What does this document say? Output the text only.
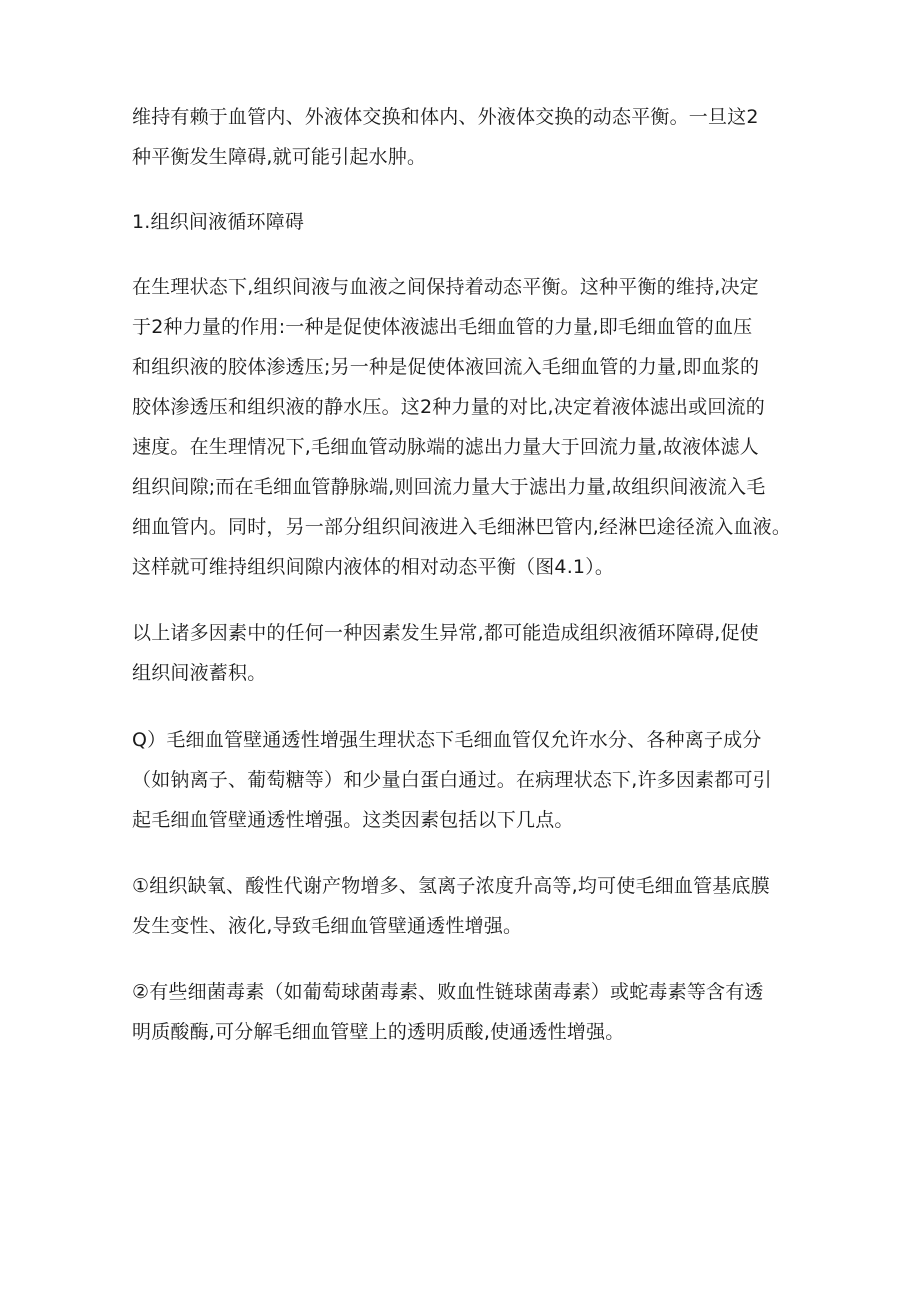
维持有赖于血管内、外液体交换和体内、外液体交换的动态平衡。一旦这2
种平衡发生障碍,就可能引起水肿。

1.组织间液循环障碍

在生理状态下,组织间液与血液之间保持着动态平衡。这种平衡的维持,决定
于2种力量的作用:一种是促使体液滤出毛细血管的力量,即毛细血管的血压
和组织液的胶体渗透压;另一种是促使体液回流入毛细血管的力量,即血浆的
胶体渗透压和组织液的静水压。这2种力量的对比,决定着液体滤出或回流的
速度。在生理情况下,毛细血管动脉端的滤出力量大于回流力量,故液体滤人
组织间隙;而在毛细血管静脉端,则回流力量大于滤出力量,故组织间液流入毛
细血管内。同时，另一部分组织间液进入毛细淋巴管内,经淋巴途径流入血液。
这样就可维持组织间隙内液体的相对动态平衡（图4.1）。

以上诸多因素中的任何一种因素发生异常,都可能造成组织液循环障碍,促使
组织间液蓄积。

Q）毛细血管壁通透性增强生理状态下毛细血管仅允许水分、各种离子成分
（如钠离子、葡萄糖等）和少量白蛋白通过。在病理状态下,许多因素都可引
起毛细血管壁通透性增强。这类因素包括以下几点。

①组织缺氧、酸性代谢产物增多、氢离子浓度升高等,均可使毛细血管基底膜
发生变性、液化,导致毛细血管壁通透性增强。

②有些细菌毒素（如葡萄球菌毒素、败血性链球菌毒素）或蛇毒素等含有透
明质酸酶,可分解毛细血管壁上的透明质酸,使通透性增强。
